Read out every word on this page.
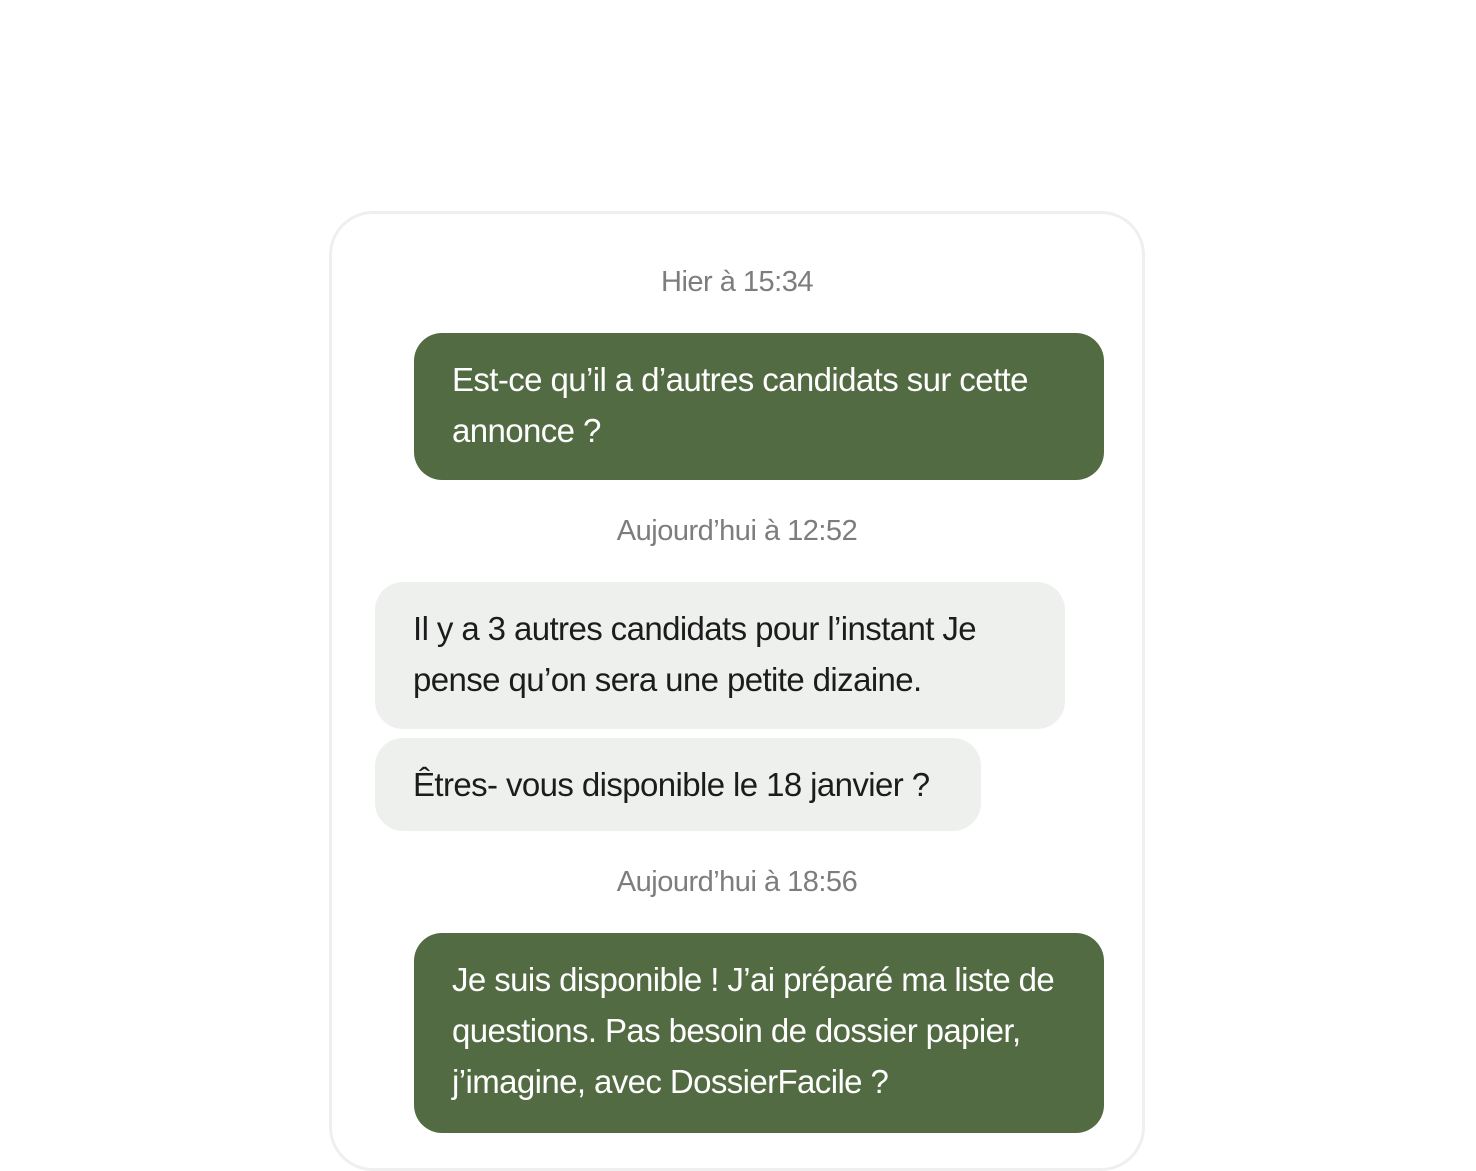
Hier à 15:34
Est-ce qu’il a d’autres candidats sur cette annonce ?
Aujourd’hui à 12:52
Il y a 3 autres candidats pour l’instant Je pense qu’on sera une petite dizaine.
Êtres- vous disponible le 18 janvier ?
Aujourd’hui à 18:56
Je suis disponible ! J’ai préparé ma liste de questions. Pas besoin de dossier papier, j’imagine, avec DossierFacile ?
